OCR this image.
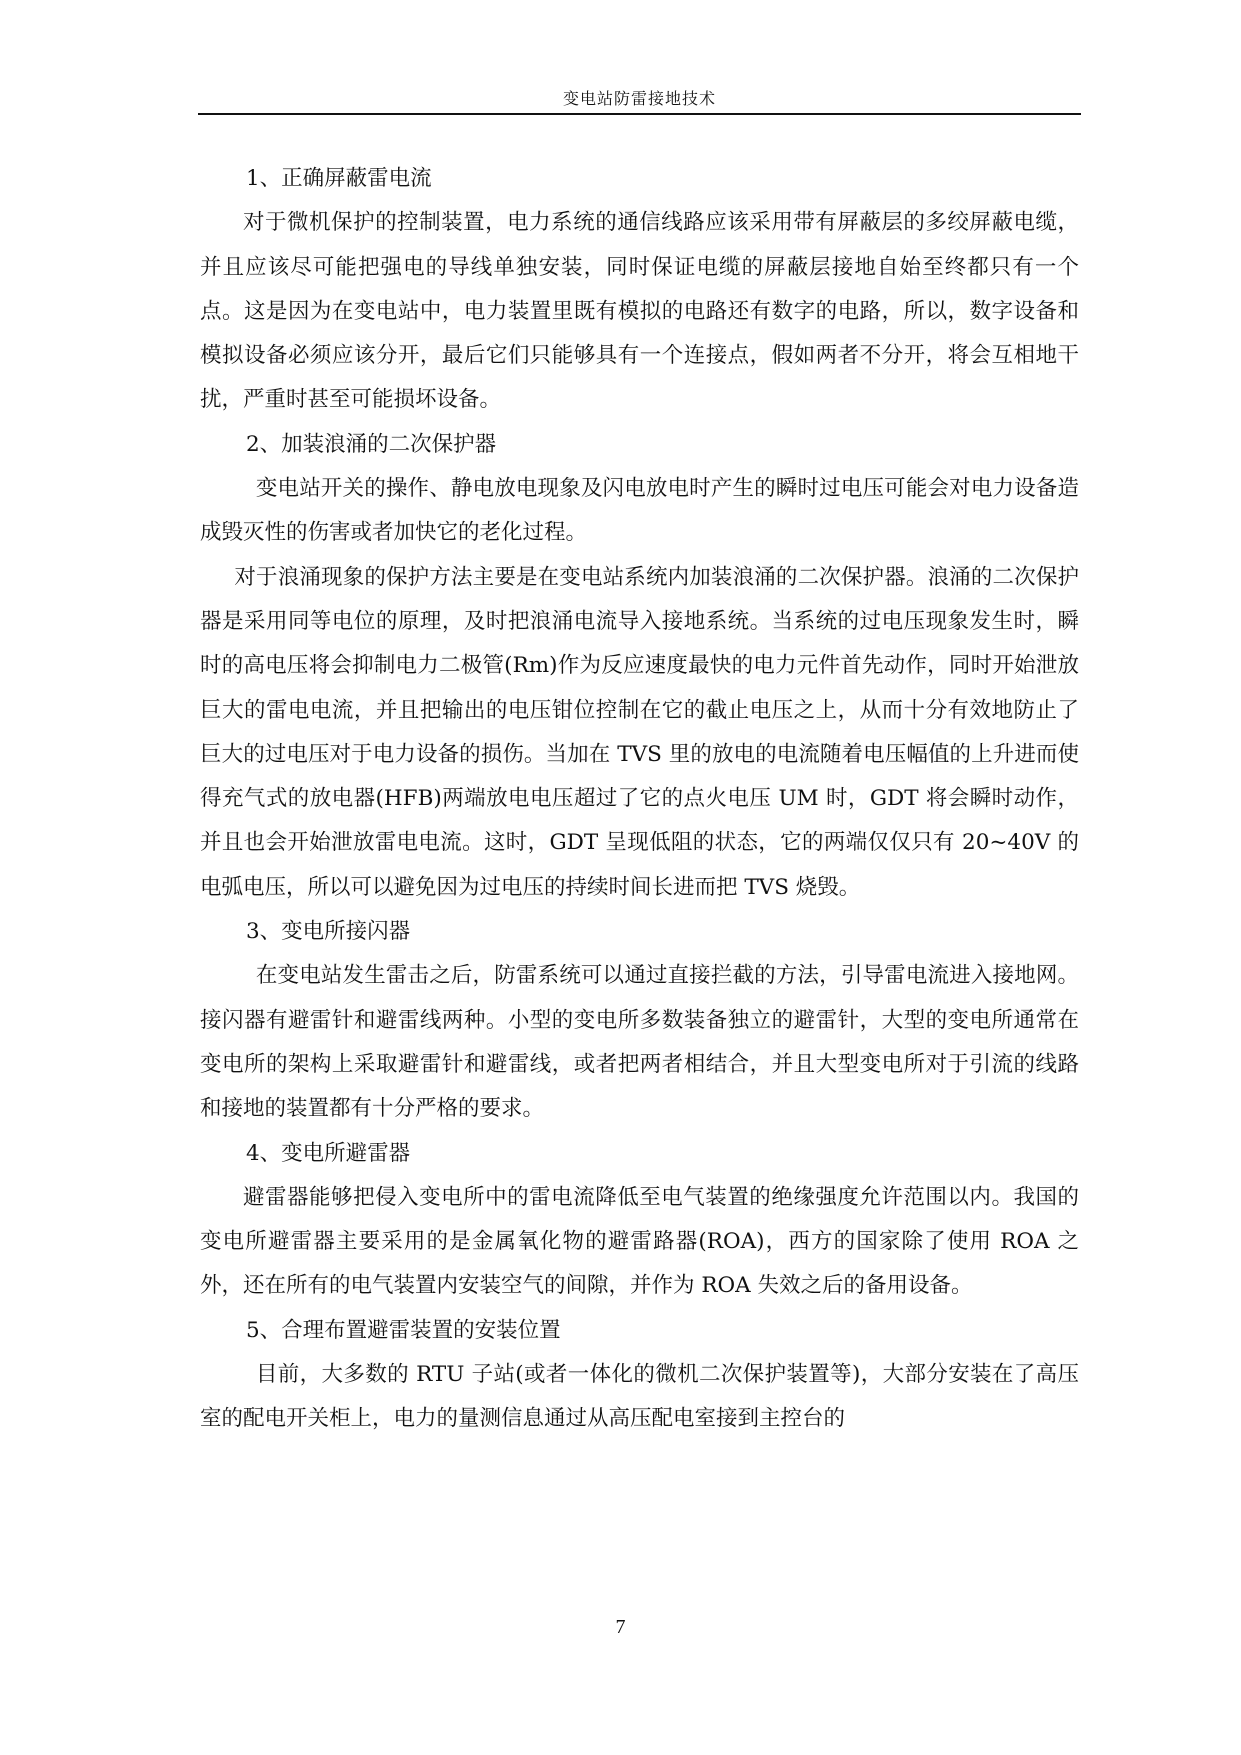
变电站防雷接地技术

1、正确屏蔽雷电流

对于微机保护的控制装置，电力系统的通信线路应该采用带有屏蔽层的多绞屏蔽电缆，并且应该尽可能把强电的导线单独安装，同时保证电缆的屏蔽层接地自始至终都只有一个点。这是因为在变电站中，电力装置里既有模拟的电路还有数字的电路，所以，数字设备和模拟设备必须应该分开，最后它们只能够具有一个连接点，假如两者不分开，将会互相地干扰，严重时甚至可能损坏设备。

2、加装浪涌的二次保护器

变电站开关的操作、静电放电现象及闪电放电时产生的瞬时过电压可能会对电力设备造成毁灭性的伤害或者加快它的老化过程。

对于浪涌现象的保护方法主要是在变电站系统内加装浪涌的二次保护器。浪涌的二次保护器是采用同等电位的原理，及时把浪涌电流导入接地系统。当系统的过电压现象发生时，瞬时的高电压将会抑制电力二极管(Rm)作为反应速度最快的电力元件首先动作，同时开始泄放巨大的雷电电流，并且把输出的电压钳位控制在它的截止电压之上，从而十分有效地防止了巨大的过电压对于电力设备的损伤。当加在 TVS 里的放电的电流随着电压幅值的上升进而使得充气式的放电器(HFB)两端放电电压超过了它的点火电压 UM 时，GDT 将会瞬时动作，并且也会开始泄放雷电电流。这时，GDT 呈现低阻的状态，它的两端仅仅只有 20~40V 的电弧电压，所以可以避免因为过电压的持续时间长进而把 TVS 烧毁。

3、变电所接闪器

在变电站发生雷击之后，防雷系统可以通过直接拦截的方法，引导雷电流进入接地网。接闪器有避雷针和避雷线两种。小型的变电所多数装备独立的避雷针，大型的变电所通常在变电所的架构上采取避雷针和避雷线，或者把两者相结合，并且大型变电所对于引流的线路和接地的装置都有十分严格的要求。

4、变电所避雷器

避雷器能够把侵入变电所中的雷电流降低至电气装置的绝缘强度允许范围以内。我国的变电所避雷器主要采用的是金属氧化物的避雷路器(ROA)，西方的国家除了使用 ROA 之外，还在所有的电气装置内安装空气的间隙，并作为 ROA 失效之后的备用设备。

5、合理布置避雷装置的安装位置

目前，大多数的 RTU 子站(或者一体化的微机二次保护装置等)，大部分安装在了高压室的配电开关柜上，电力的量测信息通过从高压配电室接到主控台的

7
